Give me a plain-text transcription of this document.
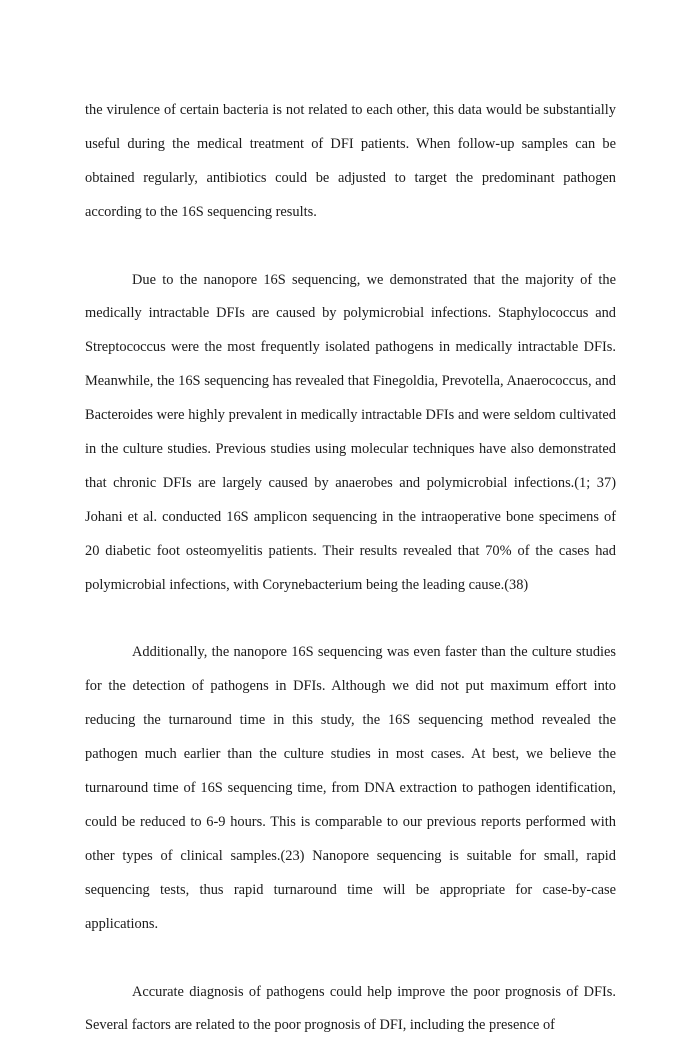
the virulence of certain bacteria is not related to each other, this data would be substantially useful during the medical treatment of DFI patients. When follow-up samples can be obtained regularly, antibiotics could be adjusted to target the predominant pathogen according to the 16S sequencing results.

Due to the nanopore 16S sequencing, we demonstrated that the majority of the medically intractable DFIs are caused by polymicrobial infections. Staphylococcus and Streptococcus were the most frequently isolated pathogens in medically intractable DFIs. Meanwhile, the 16S sequencing has revealed that Finegoldia, Prevotella, Anaerococcus, and Bacteroides were highly prevalent in medically intractable DFIs and were seldom cultivated in the culture studies. Previous studies using molecular techniques have also demonstrated that chronic DFIs are largely caused by anaerobes and polymicrobial infections.(1; 37) Johani et al. conducted 16S amplicon sequencing in the intraoperative bone specimens of 20 diabetic foot osteomyelitis patients. Their results revealed that 70% of the cases had polymicrobial infections, with Corynebacterium being the leading cause.(38)

Additionally, the nanopore 16S sequencing was even faster than the culture studies for the detection of pathogens in DFIs. Although we did not put maximum effort into reducing the turnaround time in this study, the 16S sequencing method revealed the pathogen much earlier than the culture studies in most cases. At best, we believe the turnaround time of 16S sequencing time, from DNA extraction to pathogen identification, could be reduced to 6-9 hours. This is comparable to our previous reports performed with other types of clinical samples.(23) Nanopore sequencing is suitable for small, rapid sequencing tests, thus rapid turnaround time will be appropriate for case-by-case applications.

Accurate diagnosis of pathogens could help improve the poor prognosis of DFIs. Several factors are related to the poor prognosis of DFI, including the presence of
